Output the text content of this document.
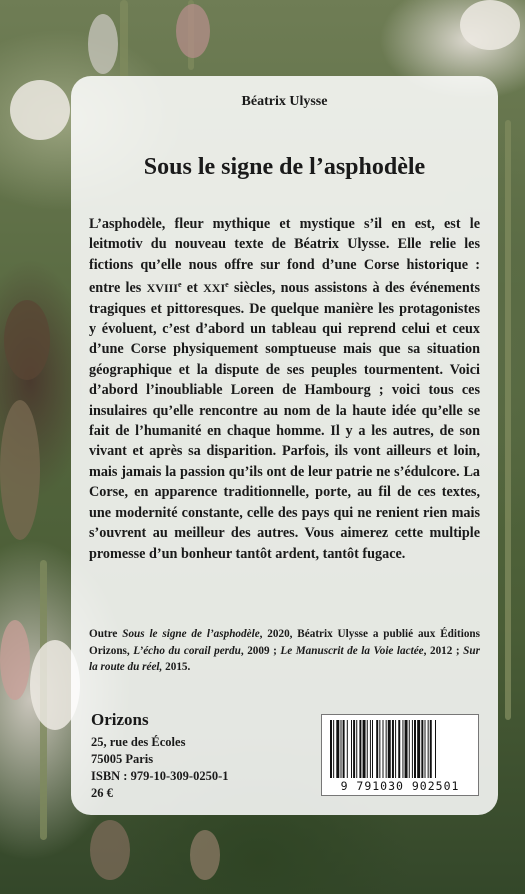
Béatrix Ulysse
Sous le signe de l’asphodèle

L’asphodèle, fleur mythique et mystique s’il en est, est le leitmotiv du nouveau texte de Béatrix Ulysse. Elle relie les fictions qu’elle nous offre sur fond d’une Corse historique : entre les XVIIIe et XXIe siècles, nous assistons à des événements tragiques et pittoresques. De quelque manière les protagonistes y évoluent, c’est d’abord un tableau qui reprend celui et ceux d’une Corse physiquement somptueuse mais que sa situation géographique et la dispute de ses peuples tourmentent. Voici d’abord l’inoubliable Loreen de Hambourg ; voici tous ces insulaires qu’elle rencontre au nom de la haute idée qu’elle se fait de l’humanité en chaque homme. Il y a les autres, de son vivant et après sa disparition. Parfois, ils vont ailleurs et loin, mais jamais la passion qu’ils ont de leur patrie ne s’édulcore. La Corse, en apparence traditionnelle, porte, au fil de ces textes, une modernité constante, celle des pays qui ne renient rien mais s’ouvrent au meilleur des autres. Vous aimerez cette multiple promesse d’un bonheur tantôt ardent, tantôt fugace.

Outre Sous le signe de l’asphodèle, 2020, Béatrix Ulysse a publié aux Éditions Orizons, L’écho du corail perdu, 2009 ; Le Manuscrit de la Voie lactée, 2012 ; Sur la route du réel, 2015.

Orizons
25, rue des Écoles
75005 Paris
ISBN : 979-10-309-0250-1
26 €	9 791030 902501
